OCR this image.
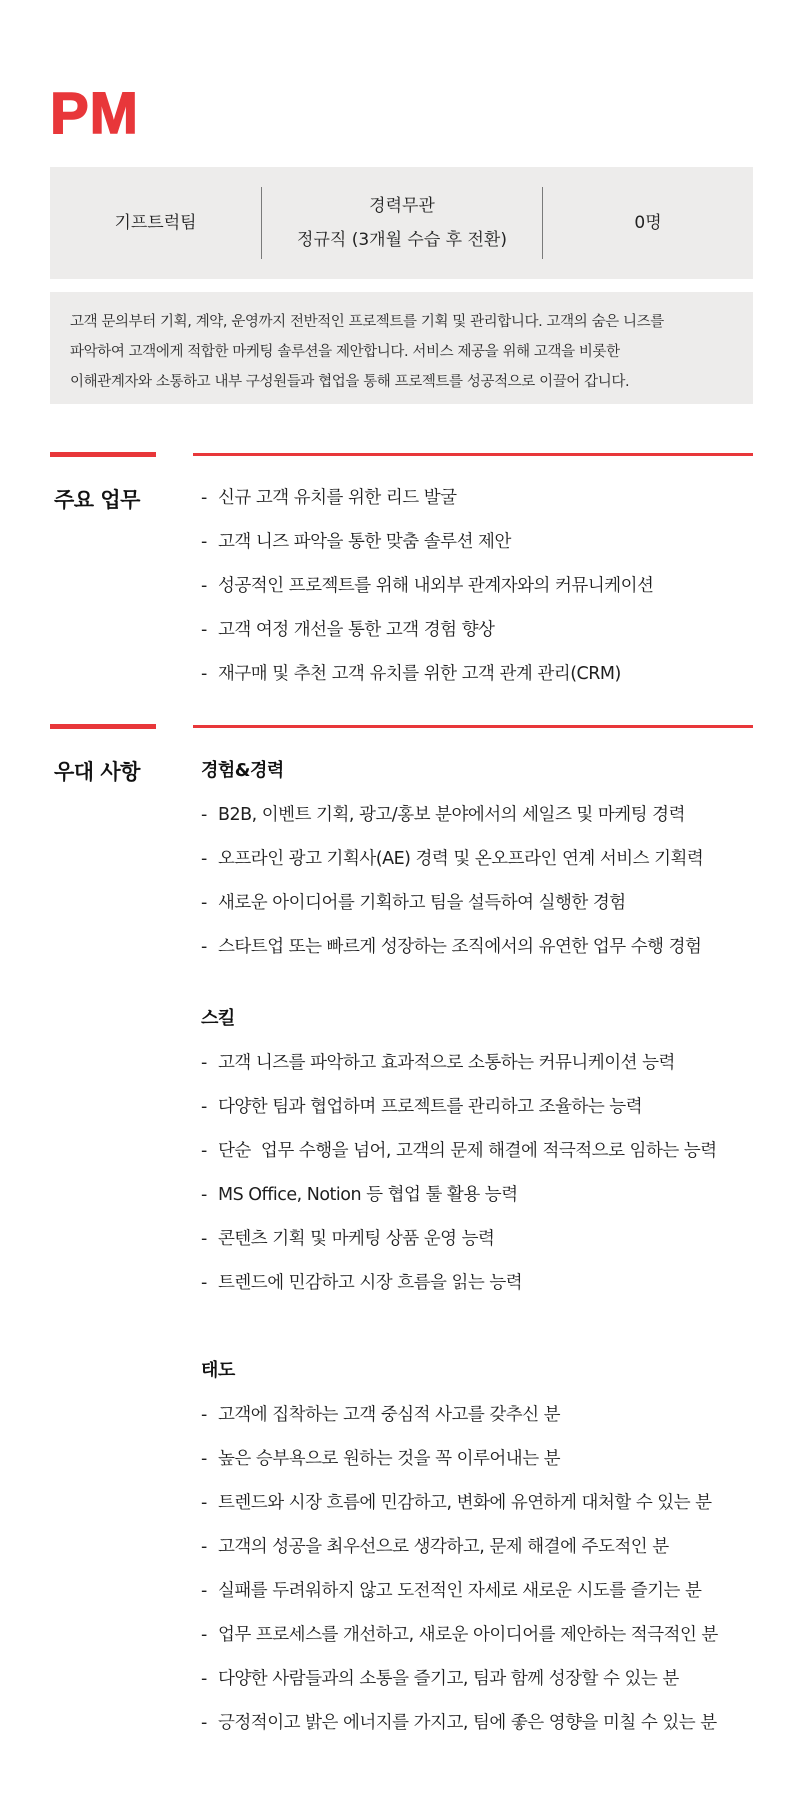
PM
기프트럭팀
경력무관
정규직 (3개월 수습 후 전환)
0명

고객 문의부터 기획, 계약, 운영까지 전반적인 프로젝트를 기획 및 관리합니다. 고객의 숨은 니즈를

파악하여 고객에게 적합한 마케팅 솔루션을 제안합니다. 서비스 제공을 위해 고객을 비롯한

이해관계자와 소통하고 내부 구성원들과 협업을 통해 프로젝트를 성공적으로 이끌어 갑니다.

주요 업무	- 신규 고객 유치를 위한 리드 발굴
- 고객 니즈 파악을 통한 맞춤 솔루션 제안
- 성공적인 프로젝트를 위해 내외부 관계자와의 커뮤니케이션
- 고객 여정 개선을 통한 고객 경험 향상
- 재구매 및 추천 고객 유치를 위한 고객 관계 관리(CRM)
우대 사항	경험&경력
- B2B, 이벤트 기획, 광고/홍보 분야에서의 세일즈 및 마케팅 경력
- 오프라인 광고 기획사(AE) 경력 및 온오프라인 연계 서비스 기획력
- 새로운 아이디어를 기획하고 팀을 설득하여 실행한 경험
- 스타트업 또는 빠르게 성장하는 조직에서의 유연한 업무 수행 경험
스킬
- 고객 니즈를 파악하고 효과적으로 소통하는 커뮤니케이션 능력
- 다양한 팀과 협업하며 프로젝트를 관리하고 조율하는 능력
- 단순  업무 수행을 넘어, 고객의 문제 해결에 적극적으로 임하는 능력
- MS Office, Notion 등 협업 툴 활용 능력
- 콘텐츠 기획 및 마케팅 상품 운영 능력
- 트렌드에 민감하고 시장 흐름을 읽는 능력
태도
- 고객에 집착하는 고객 중심적 사고를 갖추신 분
- 높은 승부욕으로 원하는 것을 꼭 이루어내는 분
- 트렌드와 시장 흐름에 민감하고, 변화에 유연하게 대처할 수 있는 분
- 고객의 성공을 최우선으로 생각하고, 문제 해결에 주도적인 분
- 실패를 두려워하지 않고 도전적인 자세로 새로운 시도를 즐기는 분
- 업무 프로세스를 개선하고, 새로운 아이디어를 제안하는 적극적인 분
- 다양한 사람들과의 소통을 즐기고, 팀과 함께 성장할 수 있는 분
- 긍정적이고 밝은 에너지를 가지고, 팀에 좋은 영향을 미칠 수 있는 분
